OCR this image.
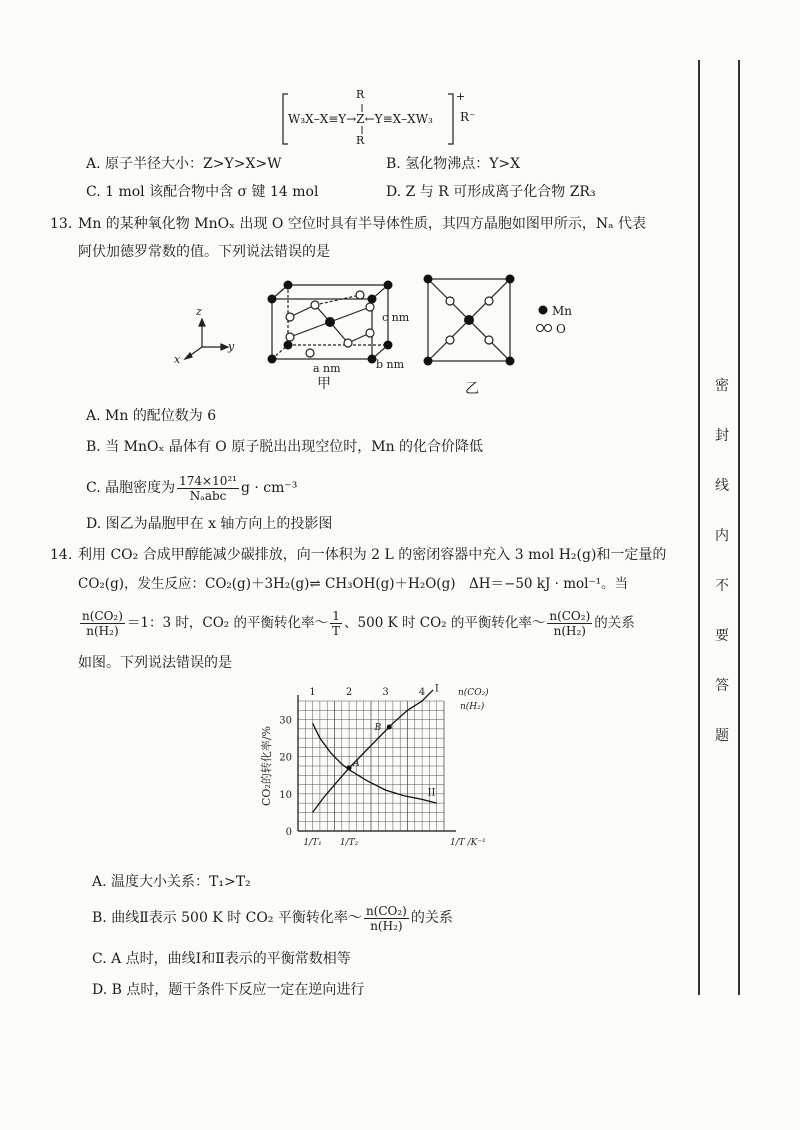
R
W₃X–X≡Y→Z←Y≡X–XW₃
R
+
R⁻
A. 原子半径大小：Z>Y>X>W	B. 氢化物沸点：Y>X
C. 1 mol 该配合物中含 σ 键 14 mol	D. Z 与 R 可形成离子化合物 ZR₃
13. Mn 的某种氧化物 MnOₓ 出现 O 空位时具有半导体性质，其四方晶胞如图甲所示，Nₐ 代表
阿伏加德罗常数的值。下列说法错误的是
z
y
x
c nm
a nm	b nm
甲	乙
Mn
O
A. Mn 的配位数为 6
B. 当 MnOₓ 晶体有 O 原子脱出出现空位时，Mn 的化合价降低
C. 晶胞密度为 $\frac{\text{174×10²¹}}{\text{Nₐabc}}$ g · cm⁻³
D. 图乙为晶胞甲在 x 轴方向上的投影图
14. 利用 CO₂ 合成甲醇能减少碳排放，向一体积为 2 L 的密闭容器中充入 3 mol H₂(g)和一定量的
CO₂(g)，发生反应：CO₂(g)＋3H₂(g)⇌ CH₃OH(g)＋H₂O(g)　ΔH＝−50 kJ · mol⁻¹。当
$\frac{\text{n(CO₂)}}{\text{n(H₂)}} =1$：3 时，CO₂ 的平衡转化率～ $\frac{1}{T}$ 、500 K 时 CO₂ 的平衡转化率～ $\frac{\text{n(CO₂)}}{\text{n(H₂)}}$ 的关系
如图。下列说法错误的是
0
10
20
30
CO₂的转化率/%
1	2	3	4	n(CO₂)
n(H₂)
1/T₁ 1/T₂	1/T /K⁻¹
I
II
A
B
A. 温度大小关系：T₁>T₂
B. 曲线Ⅱ表示 500 K 时 CO₂ 平衡转化率～ $\frac{\text{n(CO₂)}}{\text{n(H₂)}}$ 的关系
C. A 点时，曲线Ⅰ和Ⅱ表示的平衡常数相等
D. B 点时，题干条件下反应一定在逆向进行
密
封
线
内
不
要
答
题
